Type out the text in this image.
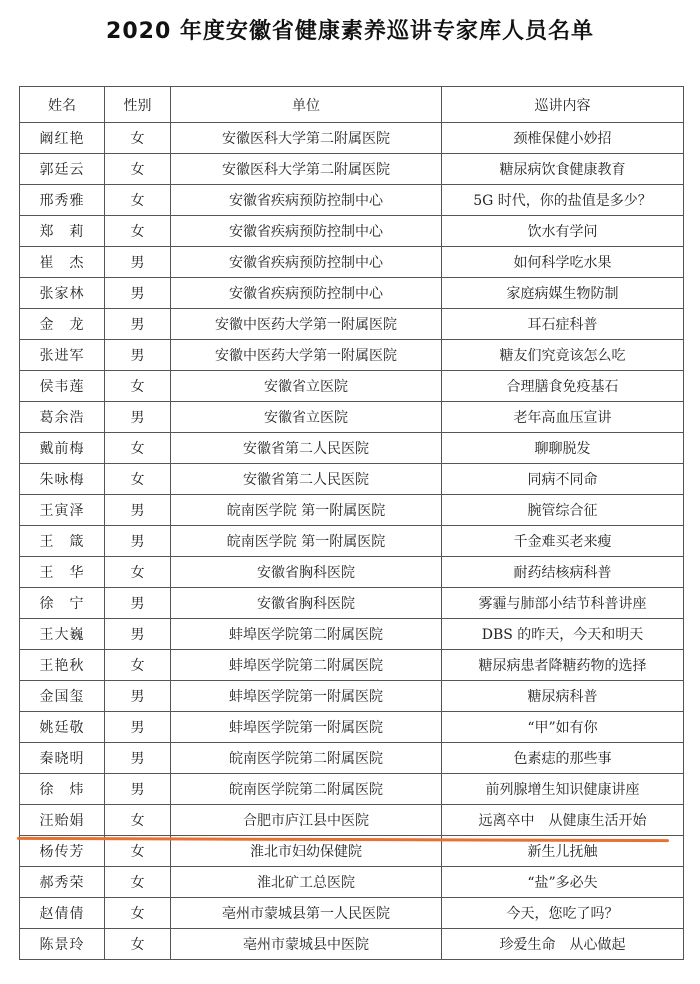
2020 年度安徽省健康素养巡讲专家库人员名单
姓名	性别	单位	巡讲内容
阚红艳	女	安徽医科大学第二附属医院	颈椎保健小妙招
郭廷云	女	安徽医科大学第二附属医院	糖尿病饮食健康教育
邢秀雅	女	安徽省疾病预防控制中心	5G 时代，你的盐值是多少？
郑　莉	女	安徽省疾病预防控制中心	饮水有学问
崔　杰	男	安徽省疾病预防控制中心	如何科学吃水果
张家林	男	安徽省疾病预防控制中心	家庭病媒生物防制
金　龙	男	安徽中医药大学第一附属医院	耳石症科普
张进军	男	安徽中医药大学第一附属医院	糖友们究竟该怎么吃
侯韦莲	女	安徽省立医院	合理膳食免疫基石
葛余浩	男	安徽省立医院	老年高血压宣讲
戴前梅	女	安徽省第二人民医院	聊聊脱发
朱咏梅	女	安徽省第二人民医院	同病不同命
王寅泽	男	皖南医学院 第一附属医院	腕管综合征
王　箴	男	皖南医学院 第一附属医院	千金难买老来瘦
王　华	女	安徽省胸科医院	耐药结核病科普
徐　宁	男	安徽省胸科医院	雾霾与肺部小结节科普讲座
王大巍	男	蚌埠医学院第二附属医院	DBS 的昨天，今天和明天
王艳秋	女	蚌埠医学院第二附属医院	糖尿病患者降糖药物的选择
金国玺	男	蚌埠医学院第一附属医院	糖尿病科普
姚廷敬	男	蚌埠医学院第一附属医院	“甲”如有你
秦晓明	男	皖南医学院第二附属医院	色素痣的那些事
徐　炜	男	皖南医学院第二附属医院	前列腺增生知识健康讲座
汪贻娟	女	合肥市庐江县中医院	远离卒中　从健康生活开始
杨传芳	女	淮北市妇幼保健院	新生儿抚触
郝秀荣	女	淮北矿工总医院	“盐”多必失
赵倩倩	女	亳州市蒙城县第一人民医院	今天，您吃了吗？
陈景玲	女	亳州市蒙城县中医院	珍爱生命　从心做起
